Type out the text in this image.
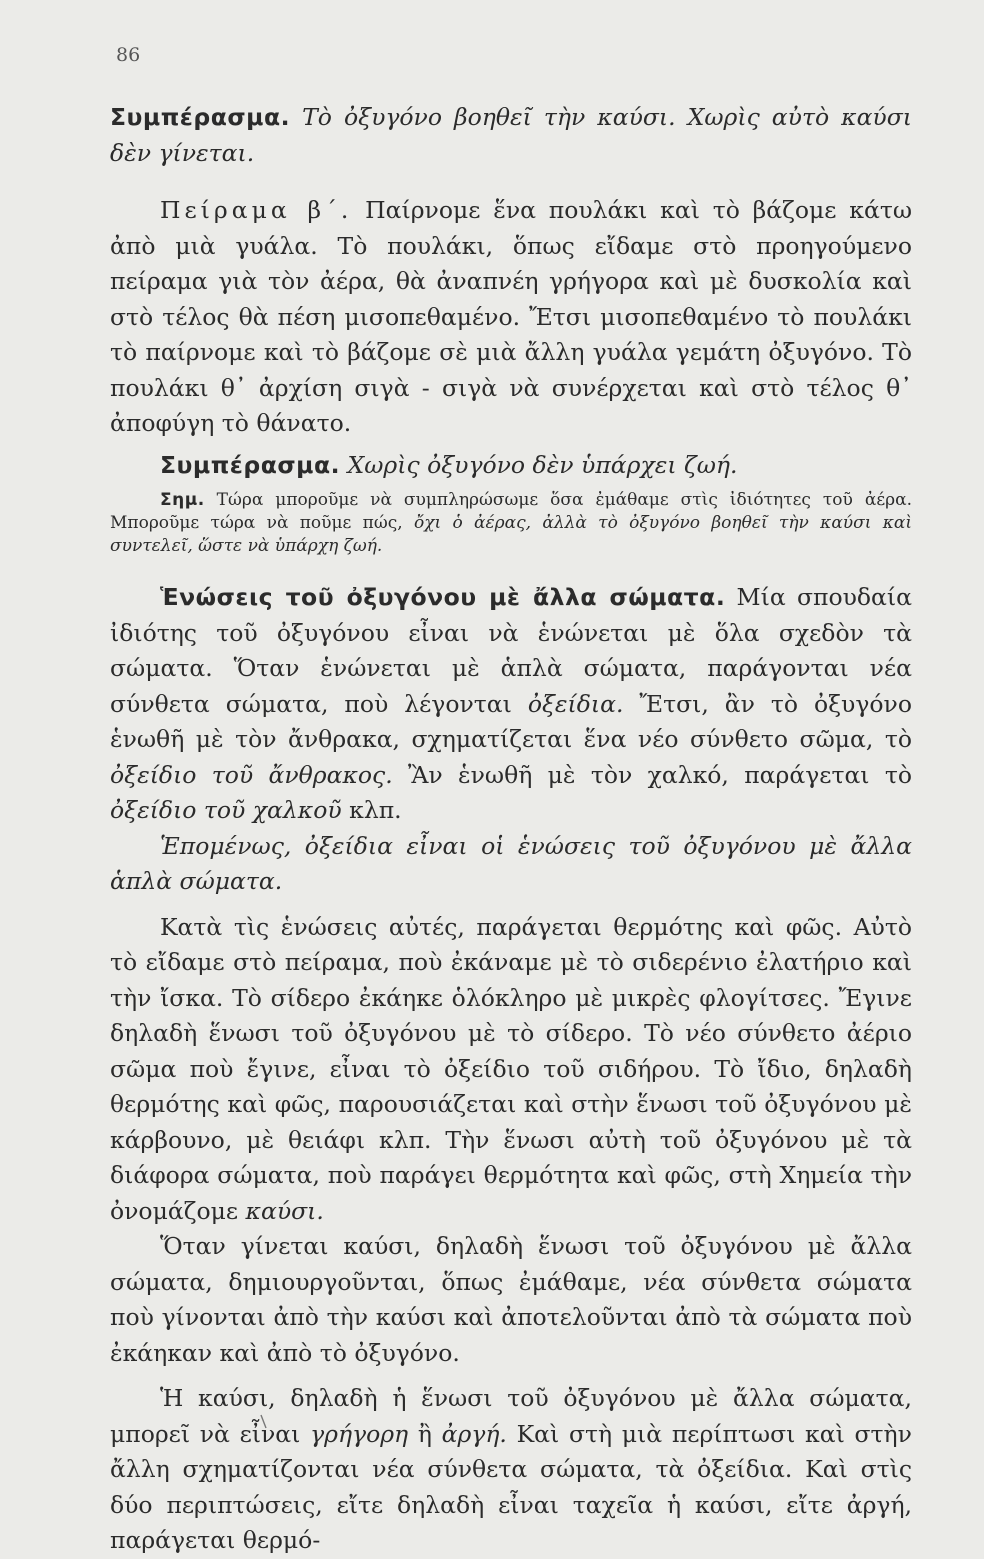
86

Συμπέρασμα. Τὸ ὀξυγόνο βοηθεῖ τὴν καύσι. Χωρὶς αὐτὸ καύσι δὲν γίνεται.

Πείραμα β΄. Παίρνομε ἕνα πουλάκι καὶ τὸ βάζομε κάτω ἀπὸ μιὰ γυάλα. Τὸ πουλάκι, ὅπως εἴδαμε στὸ προηγούμενο πείραμα γιὰ τὸν ἀέρα, θὰ ἀναπνέη γρήγορα καὶ μὲ δυσκολία καὶ στὸ τέλος θὰ πέση μισοπεθαμένο. Ἔτσι μισοπεθαμένο τὸ πουλάκι τὸ παίρνομε καὶ τὸ βάζομε σὲ μιὰ ἄλλη γυάλα γεμάτη ὀξυγόνο. Τὸ πουλάκι θ᾽ ἀρχίση σιγὰ - σιγὰ νὰ συνέρχεται καὶ στὸ τέλος θ᾽ ἀποφύγη τὸ θάνατο.

Συμπέρασμα. Χωρὶς ὀξυγόνο δὲν ὑπάρχει ζωή.

Σημ. Τώρα μποροῦμε νὰ συμπληρώσωμε ὅσα ἐμάθαμε στὶς ἰδιότητες τοῦ ἀέρα. Μποροῦμε τώρα νὰ ποῦμε πώς, ὄχι ὁ ἀέρας, ἀλλὰ τὸ ὀξυγόνο βοηθεῖ τὴν καύσι καὶ συντελεῖ, ὥστε νὰ ὑπάρχη ζωή.

Ἑνώσεις τοῦ ὀξυγόνου μὲ ἄλλα σώματα. Μία σπουδαία ἰδιότης τοῦ ὀξυγόνου εἶναι νὰ ἑνώνεται μὲ ὅλα σχεδὸν τὰ σώματα. Ὅταν ἑνώνεται μὲ ἁπλὰ σώματα, παράγονται νέα σύνθετα σώματα, ποὺ λέγονται ὀξείδια. Ἔτσι, ἂν τὸ ὀξυγόνο ἑνωθῆ μὲ τὸν ἄνθρακα, σχηματίζεται ἕνα νέο σύνθετο σῶμα, τὸ ὀξείδιο τοῦ ἄνθρακος. Ἂν ἑνωθῆ μὲ τὸν χαλκό, παράγεται τὸ ὀξείδιο τοῦ χαλκοῦ κλπ.

Ἑπομένως, ὀξείδια εἶναι οἱ ἑνώσεις τοῦ ὀξυγόνου μὲ ἄλλα ἁπλὰ σώματα.

Κατὰ τὶς ἑνώσεις αὐτές, παράγεται θερμότης καὶ φῶς. Αὐτὸ τὸ εἴδαμε στὸ πείραμα, ποὺ ἐκάναμε μὲ τὸ σιδερένιο ἐλατήριο καὶ τὴν ἴσκα. Τὸ σίδερο ἐκάηκε ὁλόκληρο μὲ μικρὲς φλογίτσες. Ἔγινε δηλαδὴ ἕνωσι τοῦ ὀξυγόνου μὲ τὸ σίδερο. Τὸ νέο σύνθετο ἀέριο σῶμα ποὺ ἔγινε, εἶναι τὸ ὀξείδιο τοῦ σιδήρου. Τὸ ἴδιο, δηλαδὴ θερμότης καὶ φῶς, παρουσιάζεται καὶ στὴν ἕνωσι τοῦ ὀξυγόνου μὲ κάρβουνο, μὲ θειάφι κλπ. Τὴν ἕνωσι αὐτὴ τοῦ ὀξυγόνου μὲ τὰ διάφορα σώματα, ποὺ παράγει θερμότητα καὶ φῶς, στὴ Χημεία τὴν ὀνομάζομε καύσι.

Ὅταν γίνεται καύσι, δηλαδὴ ἕνωσι τοῦ ὀξυγόνου μὲ ἄλλα σώματα, δημιουργοῦνται, ὅπως ἐμάθαμε, νέα σύνθετα σώματα ποὺ γίνονται ἀπὸ τὴν καύσι καὶ ἀποτελοῦνται ἀπὸ τὰ σώματα ποὺ ἐκάηκαν καὶ ἀπὸ τὸ ὀξυγόνο.

Ἡ καύσι, δηλαδὴ ἡ ἕνωσι τοῦ ὀξυγόνου μὲ ἄλλα σώματα, μπορεῖ νὰ εἶναι γρήγορη ἢ ἀργή. Καὶ στὴ μιὰ περίπτωσι καὶ στὴν ἄλλη σχηματίζονται νέα σύνθετα σώματα, τὰ ὀξείδια. Καὶ στὶς δύο περιπτώσεις, εἴτε δηλαδὴ εἶναι ταχεῖα ἡ καύσι, εἴτε ἀργή, παράγεται θερμό-
